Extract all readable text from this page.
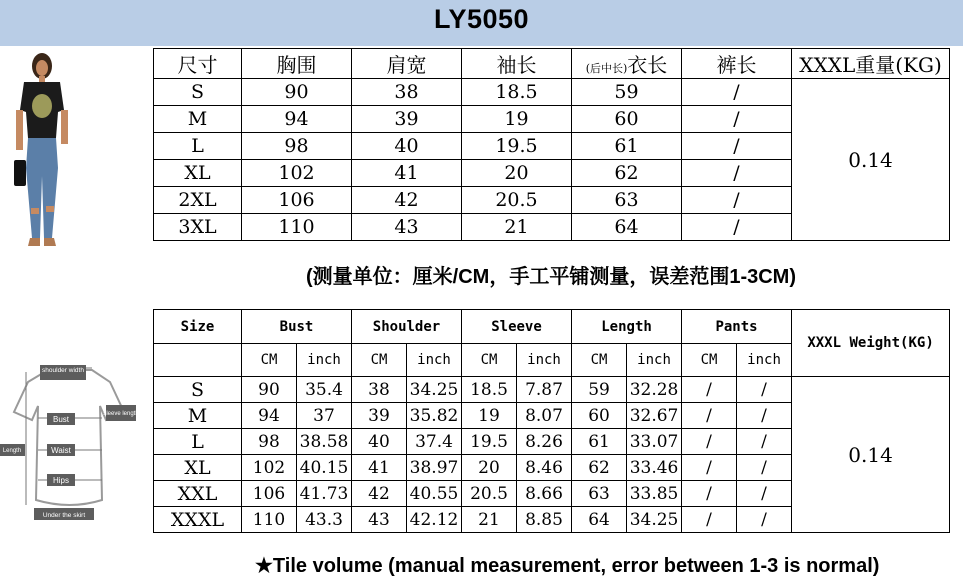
LY5050
尺寸	胸围	肩宽	袖长	(后中长)衣长	裤长	XXXL重量(KG)
S	90	38	18.5	59	/	0.14
M	94	39	19	60	/	
L	98	40	19.5	61	/	
XL	102	41	20	62	/	
2XL	106	42	20.5	63	/	
3XL	110	43	21	64	/	
(测量单位：厘米/CM，手工平铺测量，误差范围1-3CM)
shoulder width
sleeve length
Bust
Waist
Hips
Length
Under the skirt
Size	Bust		Shoulder		Sleeve		Length		Pants		XXXL Weight(KG)
	CM	inch	CM	inch	CM	inch	CM	inch	CM	inch	
S	90	35.4	38	34.25	18.5	7.87	59	32.28	/	/	0.14
M	94	37	39	35.82	19	8.07	60	32.67	/	/	
L	98	38.58	40	37.4	19.5	8.26	61	33.07	/	/	
XL	102	40.15	41	38.97	20	8.46	62	33.46	/	/	
XXL	106	41.73	42	40.55	20.5	8.66	63	33.85	/	/	
XXXL	110	43.3	43	42.12	21	8.85	64	34.25	/	/	
★Tile volume (manual measurement, error between 1-3 is normal)
